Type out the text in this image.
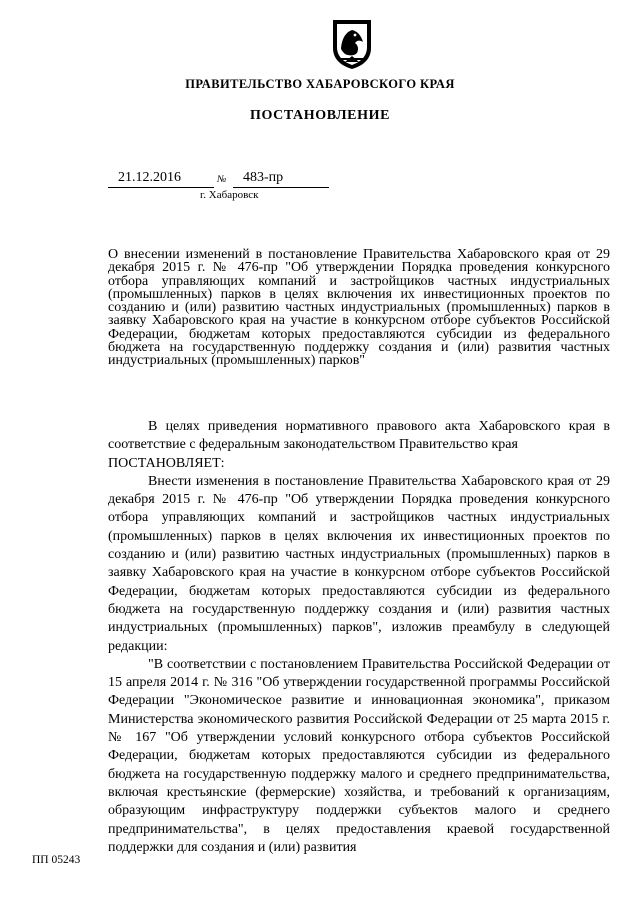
ПРАВИТЕЛЬСТВО ХАБАРОВСКОГО КРАЯ
ПОСТАНОВЛЕНИЕ
21.12.2016	№	483-пр
г. Хабаровск
О внесении изменений в постановление Правительства Хабаровского края от 29 декабря 2015 г. № 476-пр "Об утверждении Порядка проведения конкурсного отбора управляющих компаний и застройщиков частных индустриальных (промышленных) парков в целях включения их инвестиционных проектов по созданию и (или) развитию частных индустриальных (промышленных) парков в заявку Хабаровского края на участие в конкурсном отборе субъектов Российской Федерации, бюджетам которых предоставляются субсидии из федерального бюджета на государственную поддержку создания и (или) развития частных индустриальных (промышленных) парков"

В целях приведения нормативного правового акта Хабаровского края в соответствие с федеральным законодательством Правительство края

ПОСТАНОВЛЯЕТ:

Внести изменения в постановление Правительства Хабаровского края от 29 декабря 2015 г. № 476-пр "Об утверждении Порядка проведения конкурсного отбора управляющих компаний и застройщиков частных индустриальных (промышленных) парков в целях включения их инвестиционных проектов по созданию и (или) развитию частных индустриальных (промышленных) парков в заявку Хабаровского края на участие в конкурсном отборе субъектов Российской Федерации, бюджетам которых предоставляются субсидии из федерального бюджета на государственную поддержку создания и (или) развития частных индустриальных (промышленных) парков", изложив преамбулу в следующей редакции:

"В соответствии с постановлением Правительства Российской Федерации от 15 апреля 2014 г. № 316 "Об утверждении государственной программы Российской Федерации "Экономическое развитие и инновационная экономика", приказом Министерства экономического развития Российской Федерации от 25 марта 2015 г. № 167 "Об утверждении условий конкурсного отбора субъектов Российской Федерации, бюджетам которых предоставляются субсидии из федерального бюджета на государственную поддержку малого и среднего предпринимательства, включая крестьянские (фермерские) хозяйства, и требований к организациям, образующим инфраструктуру поддержки субъектов малого и среднего предпринимательства", в целях предоставления краевой государственной поддержки для создания и (или) развития

ПП 05243
